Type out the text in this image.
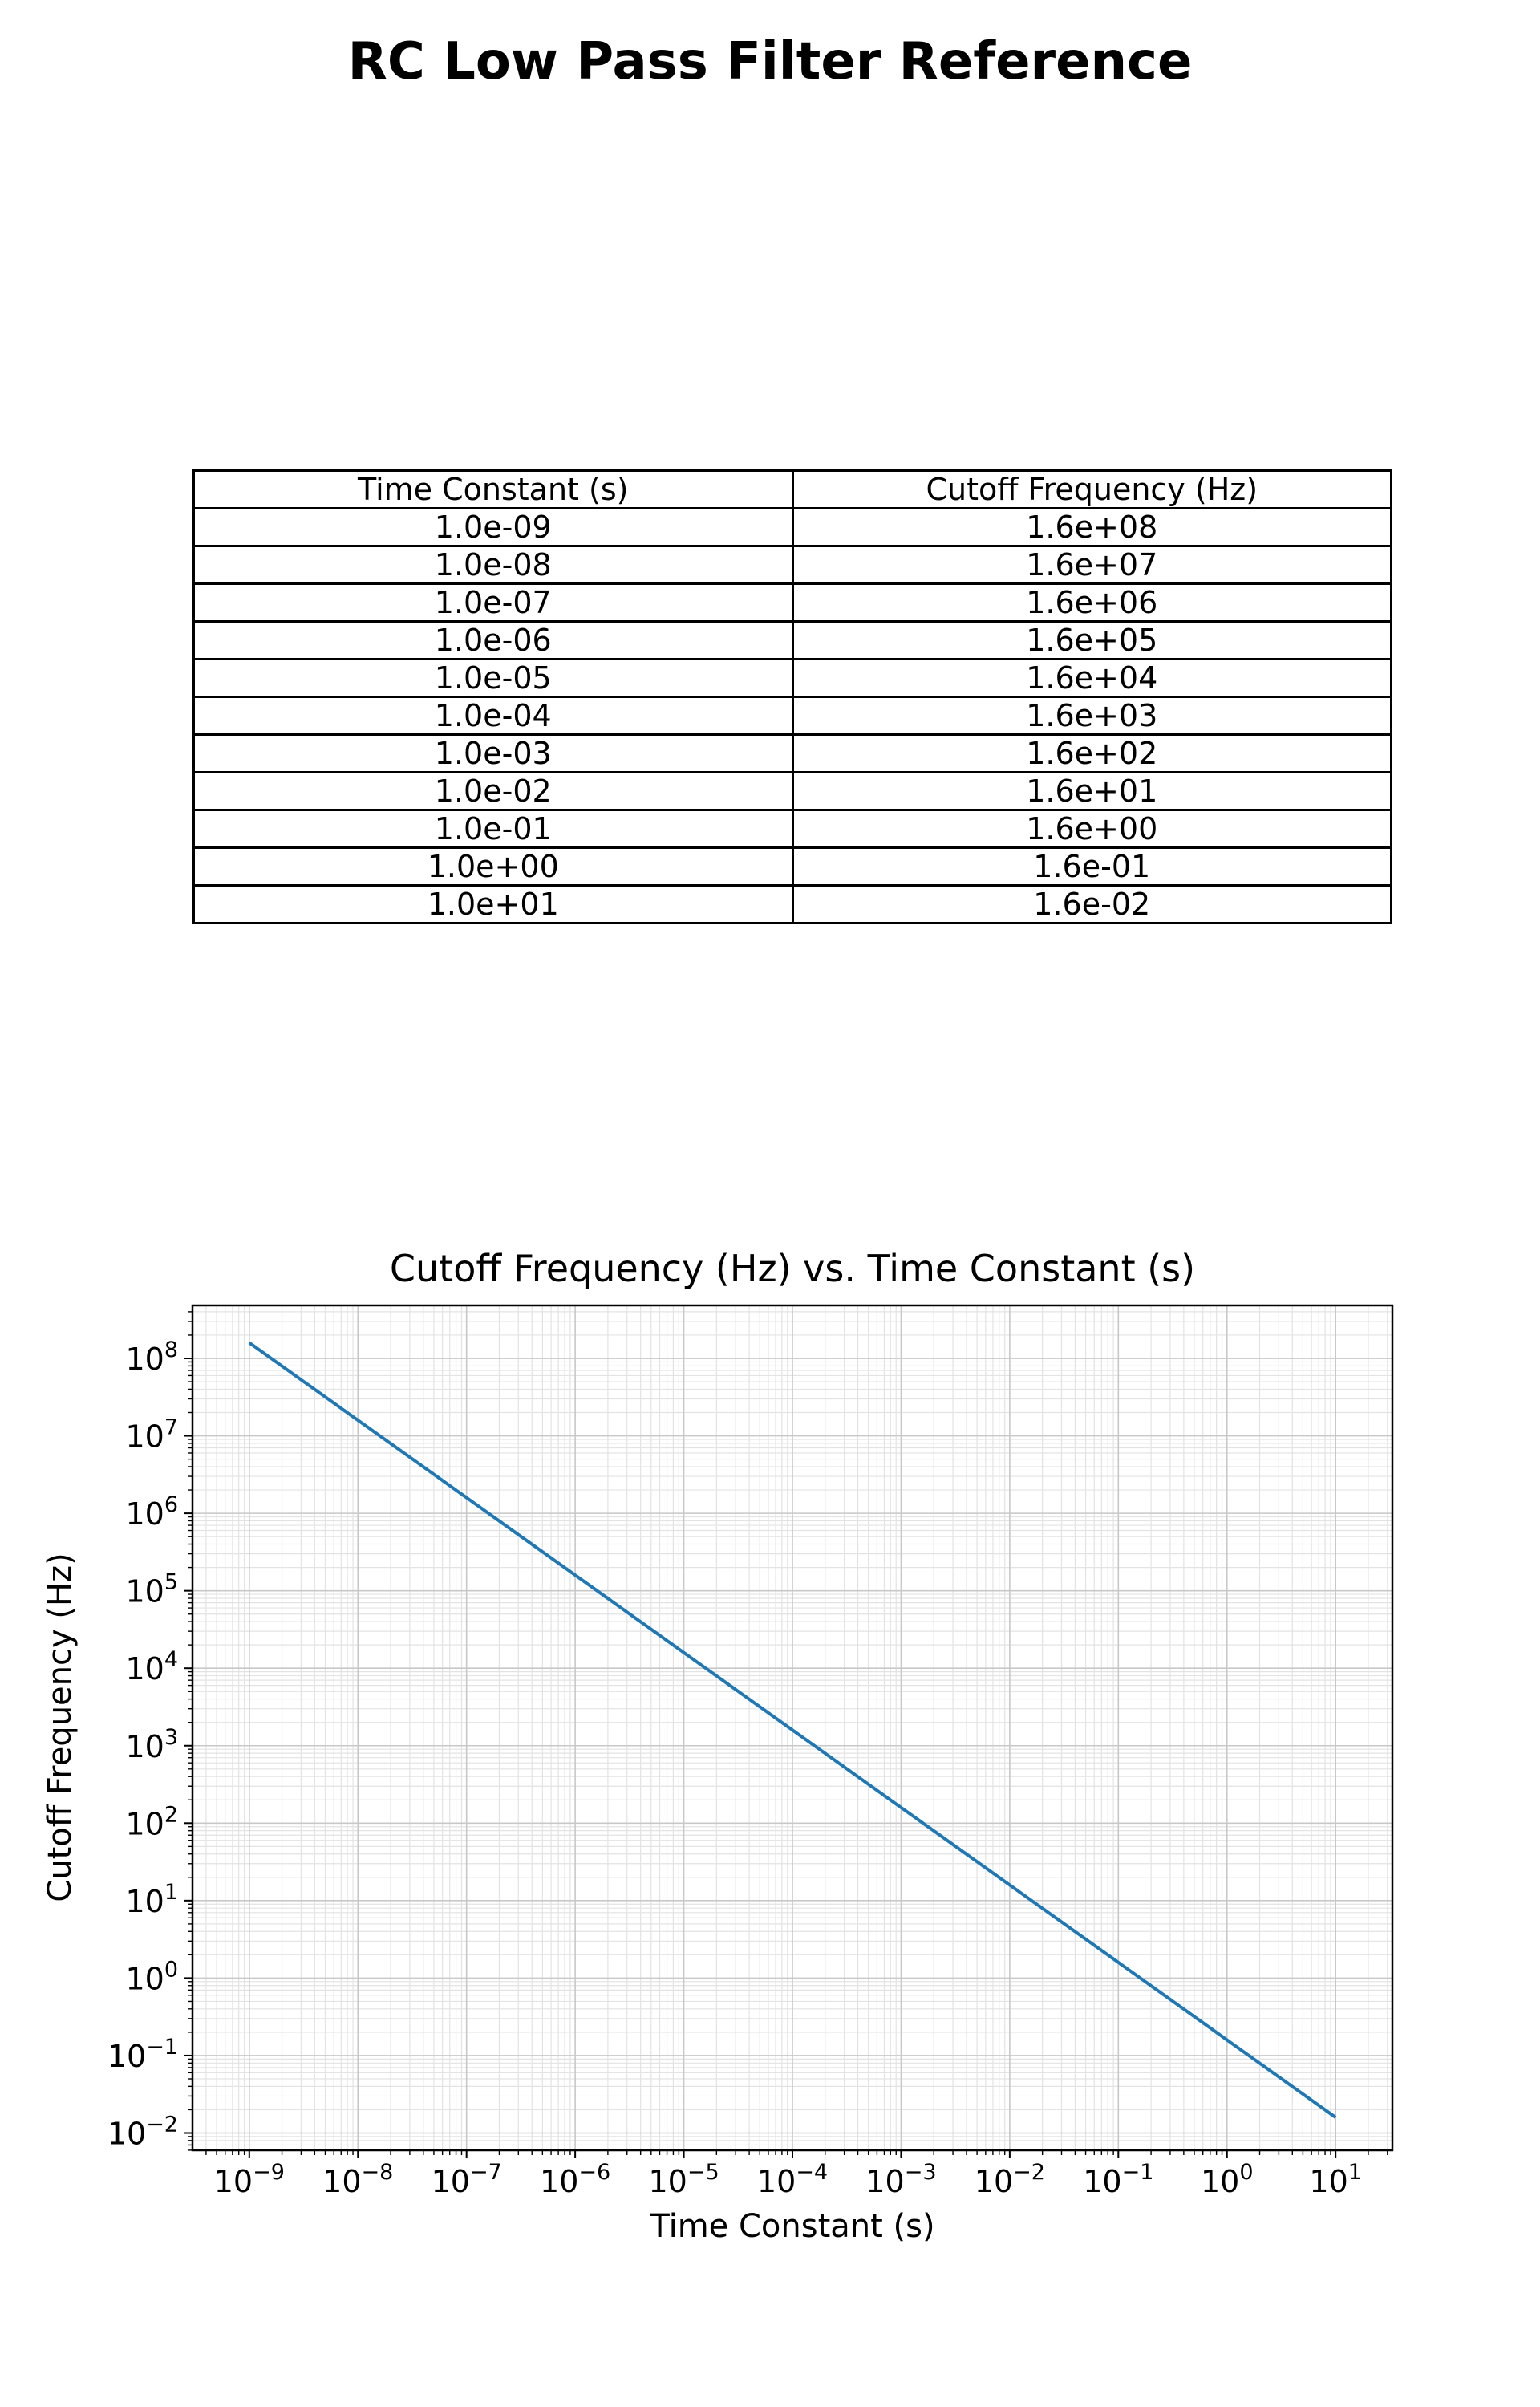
RC Low Pass Filter Reference
Time Constant (s)	Cutoff Frequency (Hz)
1.0e-09	1.6e+08
1.0e-08	1.6e+07
1.0e-07	1.6e+06
1.0e-06	1.6e+05
1.0e-05	1.6e+04
1.0e-04	1.6e+03
1.0e-03	1.6e+02
1.0e-02	1.6e+01
1.0e-01	1.6e+00
1.0e+00	1.6e-01
1.0e+01	1.6e-02
Cutoff Frequency (Hz) vs. Time Constant (s)
Time Constant (s)
Cutoff Frequency (Hz)
$10^{-9}$ $10^{-8}$ $10^{-7}$ $10^{-6}$ $10^{-5}$ $10^{-4}$ $10^{-3}$ $10^{-2}$ $10^{-1}$ $10^0$ $10^1$
$10^{-2}$
$10^{-1}$
$10^0$
$10^1$
$10^2$
$10^3$
$10^4$
$10^5$
$10^6$
$10^7$
$10^8$
